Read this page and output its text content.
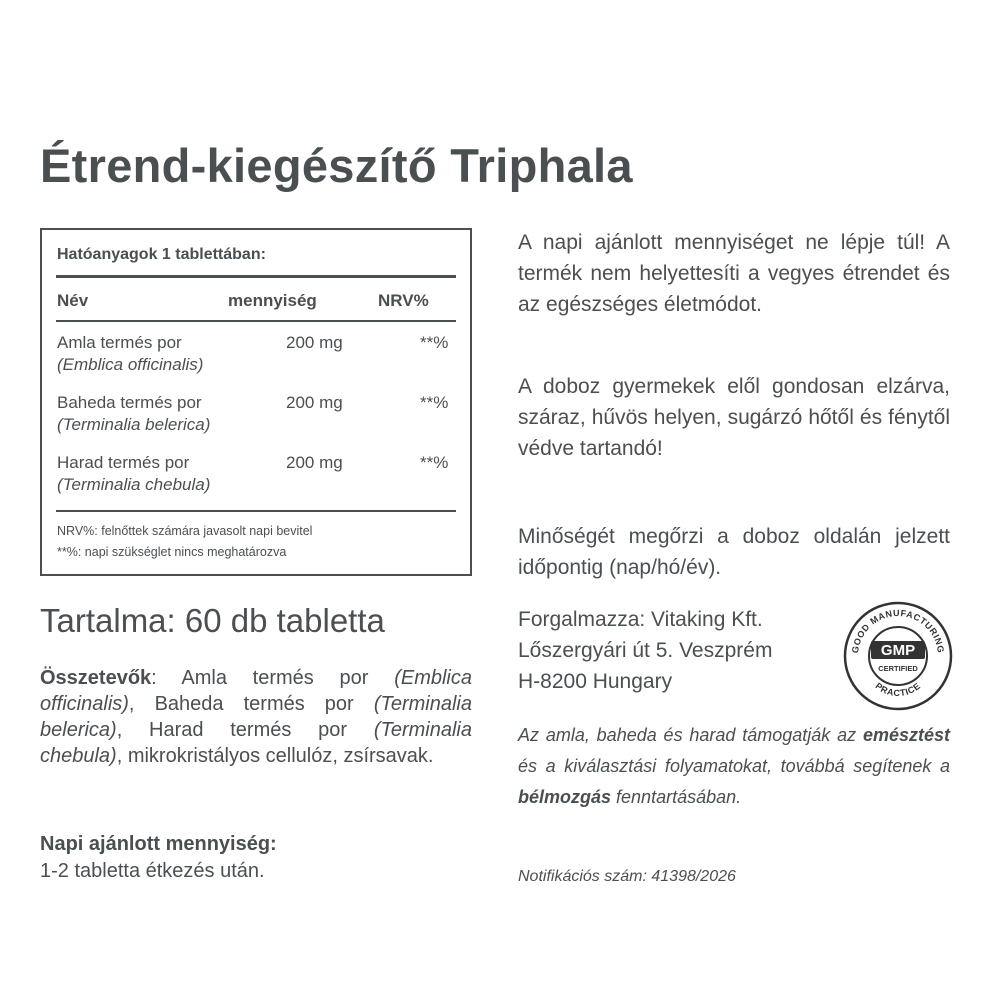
Étrend-kiegészítő Triphala
Hatóanyagok 1 tablettában:
Név	mennyiség	NRV%
Amla termés por
(Emblica officinalis)
200 mg	**%
Baheda termés por
(Terminalia belerica)
200 mg	**%
Harad termés por
(Terminalia chebula)
200 mg	**%
NRV%: felnőttek számára javasolt napi bevitel
**%: napi szükséglet nincs meghatározva
Tartalma: 60 db tabletta
Összetevők: Amla termés por (Emblica officinalis), Baheda termés por (Terminalia belerica), Harad termés por (Terminalia chebula), mikrokristályos cellulóz, zsírsavak.
Napi ajánlott mennyiség:
1-2 tabletta étkezés után.
A napi ajánlott mennyiséget ne lépje túl! A termék nem helyettesíti a vegyes étrendet és az egészséges életmódot.
A doboz gyermekek elől gondosan elzárva, száraz, hűvös helyen, sugárzó hőtől és fénytől védve tartandó!
Minőségét megőrzi a doboz oldalán jelzett időpontig (nap/hó/év).
Forgalmazza: Vitaking Kft.
Lőszergyári út 5. Veszprém
H-8200 Hungary
GOOD MANUFACTURING
PRACTICE
GMP
CERTIFIED
Az amla, baheda és harad támogatják az emésztést és a kiválasztási folyamatokat, továbbá segítenek a bélmozgás fenntartásában.
Notifikációs szám: 41398/2026
